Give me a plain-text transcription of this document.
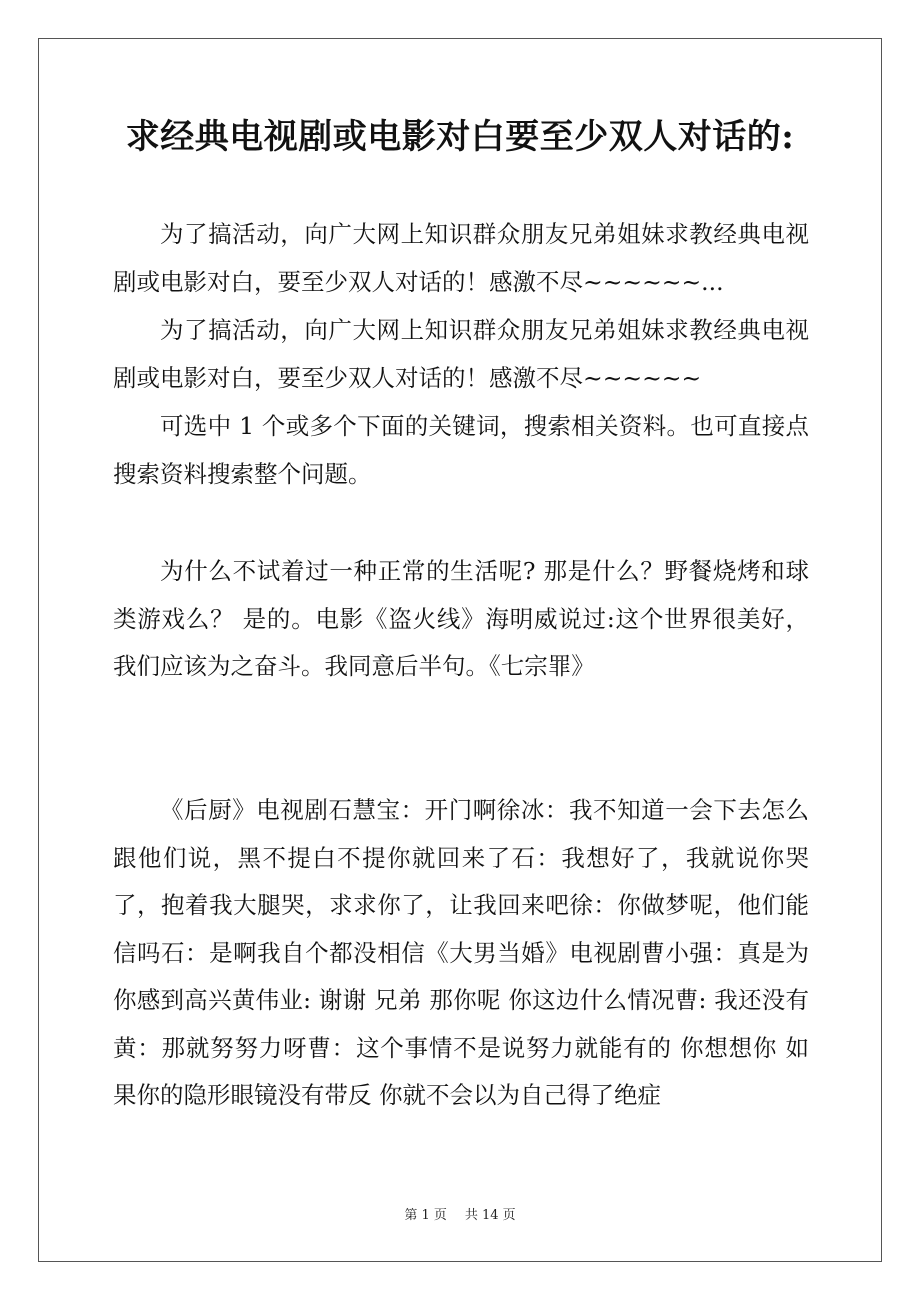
求经典电视剧或电影对白要至少双人对话的:

为了搞活动，向广大网上知识群众朋友兄弟姐妹求教经典电视剧或电影对白，要至少双人对话的！感激不尽~~~~~~...

为了搞活动，向广大网上知识群众朋友兄弟姐妹求教经典电视剧或电影对白，要至少双人对话的！感激不尽~~~~~~

可选中 1 个或多个下面的关键词，搜索相关资料。也可直接点搜索资料搜索整个问题。

为什么不试着过一种正常的生活呢? 那是什么？野餐烧烤和球类游戏么？ 是的。电影《盗火线》海明威说过:这个世界很美好，我们应该为之奋斗。我同意后半句。《七宗罪》

《后厨》电视剧石慧宝：开门啊徐冰：我不知道一会下去怎么跟他们说，黑不提白不提你就回来了石：我想好了，我就说你哭了，抱着我大腿哭，求求你了，让我回来吧徐：你做梦呢，他们能信吗石：是啊我自个都没相信《大男当婚》电视剧曹小强：真是为你感到高兴黄伟业: 谢谢 兄弟 那你呢 你这边什么情况曹: 我还没有黄：那就努努力呀曹：这个事情不是说努力就能有的 你想想你 如果你的隐形眼镜没有带反 你就不会以为自己得了绝症

第 1 页 共 14 页
